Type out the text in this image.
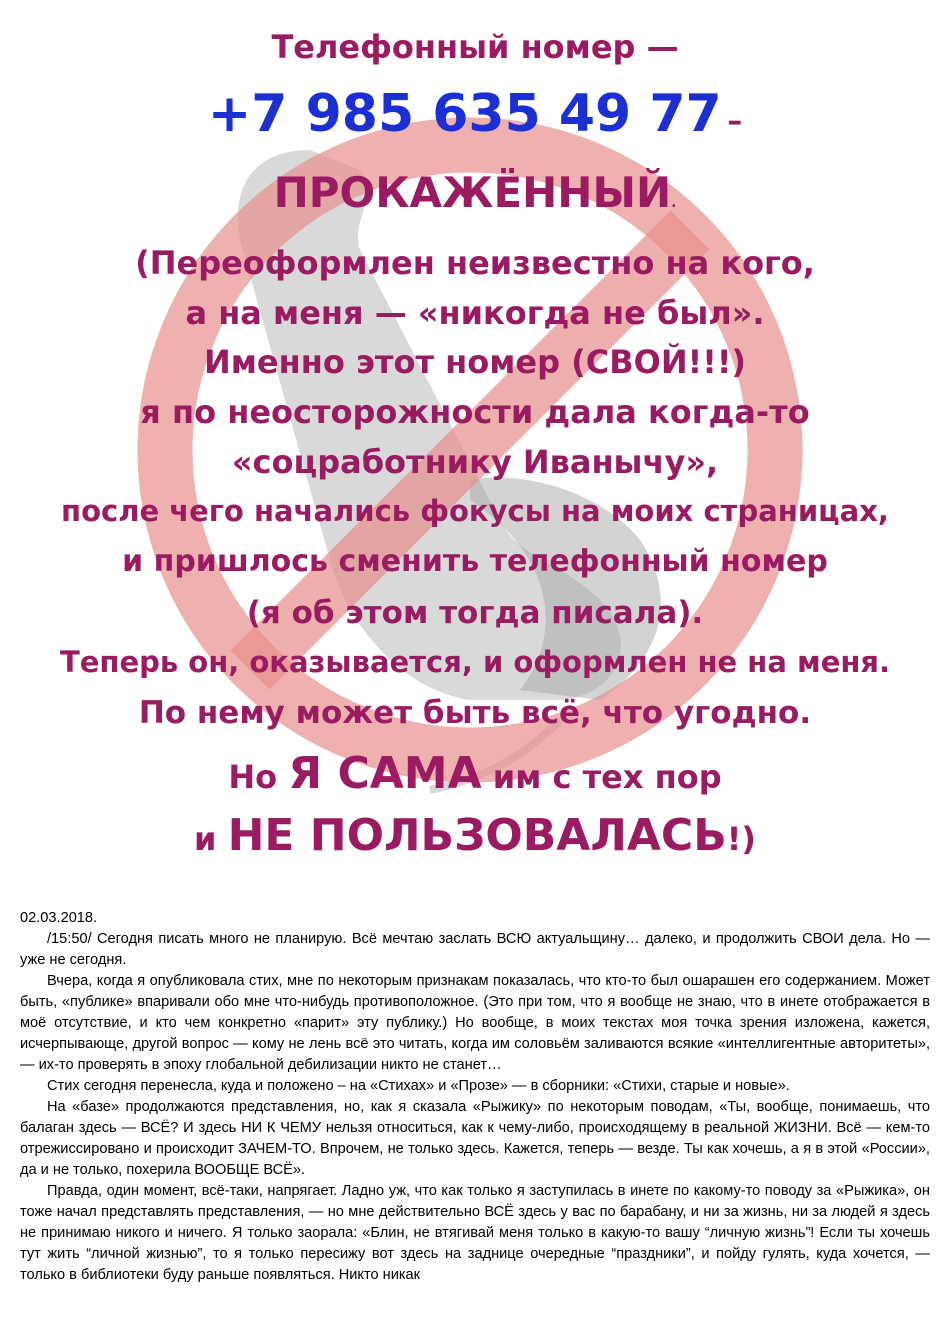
Телефонный номер —
+7 985 635 49 77 –
ПРОКАЖЁННЫЙ.
(Переоформлен неизвестно на кого,
а на меня — «никогда не был».
Именно этот номер (СВОЙ!!!)
я по неосторожности дала когда-то
«соцработнику Иванычу»,
после чего начались фокусы на моих страницах,
и пришлось сменить телефонный номер
(я об этом тогда писала).
Теперь он, оказывается, и оформлен не на меня.
По нему может быть всё, что угодно.
Но Я САМА им с тех пор
и НЕ ПОЛЬЗОВАЛАСЬ!)

02.03.2018.

/15:50/ Сегодня писать много не планирую. Всё мечтаю заслать ВСЮ актуальщину… далеко, и продолжить СВОИ дела. Но — уже не сегодня.

Вчера, когда я опубликовала стих, мне по некоторым признакам показалась, что кто-то был ошарашен его содержанием. Может быть, «публике» впаривали обо мне что-нибудь противоположное. (Это при том, что я вообще не знаю, что в инете отображается в моё отсутствие, и кто чем конкретно «парит» эту публику.) Но вообще, в моих текстах моя точка зрения изложена, кажется, исчерпывающе, другой вопрос — кому не лень всё это читать, когда им соловьём заливаются всякие «интеллигентные авторитеты», — их-то проверять в эпоху глобальной дебилизации никто не станет…

Стих сегодня перенесла, куда и положено – на «Стихах» и «Прозе» — в сборники: «Стихи, старые и новые».

На «базе» продолжаются представления, но, как я сказала «Рыжику» по некоторым поводам, «Ты, вообще, понимаешь, что балаган здесь — ВСЁ? И здесь НИ К ЧЕМУ нельзя относиться, как к чему-либо, происходящему в реальной ЖИЗНИ. Всё — кем-то отрежиссировано и происходит ЗАЧЕМ-ТО. Впрочем, не только здесь. Кажется, теперь — везде. Ты как хочешь, а я в этой «России», да и не только, похерила ВООБЩЕ ВСЁ».

Правда, один момент, всё-таки, напрягает. Ладно уж, что как только я заступилась в инете по какому-то поводу за «Рыжика», он тоже начал представлять представления, — но мне действительно ВСЁ здесь у вас по барабану, и ни за жизнь, ни за людей я здесь не принимаю никого и ничего. Я только заорала: «Блин, не втягивай меня только в какую-то вашу “личную жизнь”! Если ты хочешь тут жить “личной жизнью”, то я только пересижу вот здесь на заднице очередные “праздники”, и пойду гулять, куда хочется, — только в библиотеки буду раньше появляться. Никто никак
